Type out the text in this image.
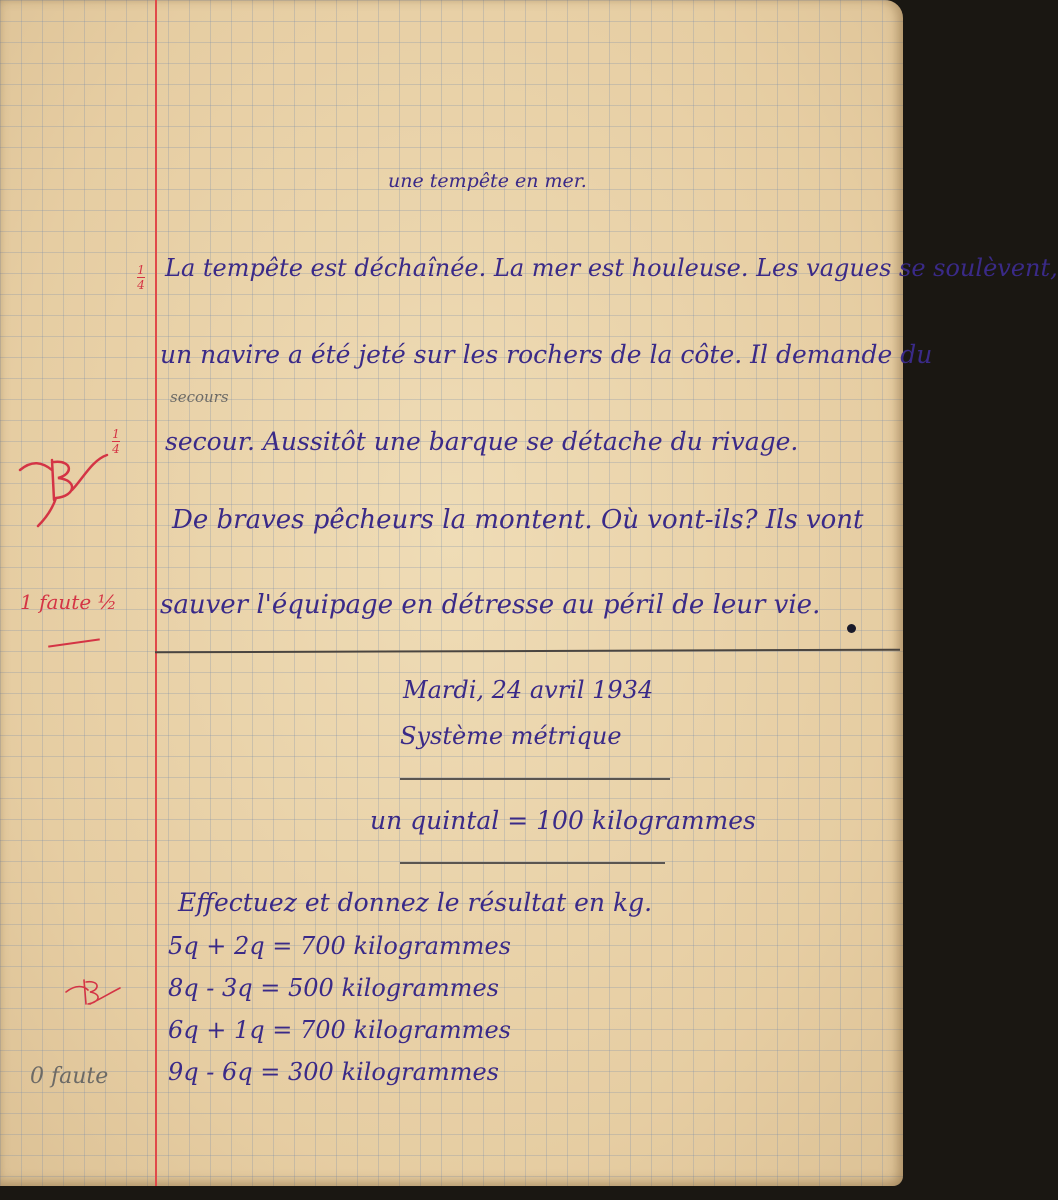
une tempête en mer.
La tempête est déchaînée. La mer est houleuse. Les vagues se soulèvent,
un navire a été jeté sur les rochers de la côte. Il demande du
secours
secour. Aussitôt une barque se détache du rivage.
De braves pêcheurs la montent. Où vont-ils? Ils vont
sauver l'équipage en détresse au péril de leur vie.
Mardi, 24 avril 1934
Système métrique
un quintal = 100 kilogrammes
Effectuez et donnez le résultat en kg.
5q + 2q = 700 kilogrammes
8q - 3q = 500 kilogrammes
6q + 1q = 700 kilogrammes
9q - 6q = 300 kilogrammes
1
4
1
4
1 faute ½
0 faute
